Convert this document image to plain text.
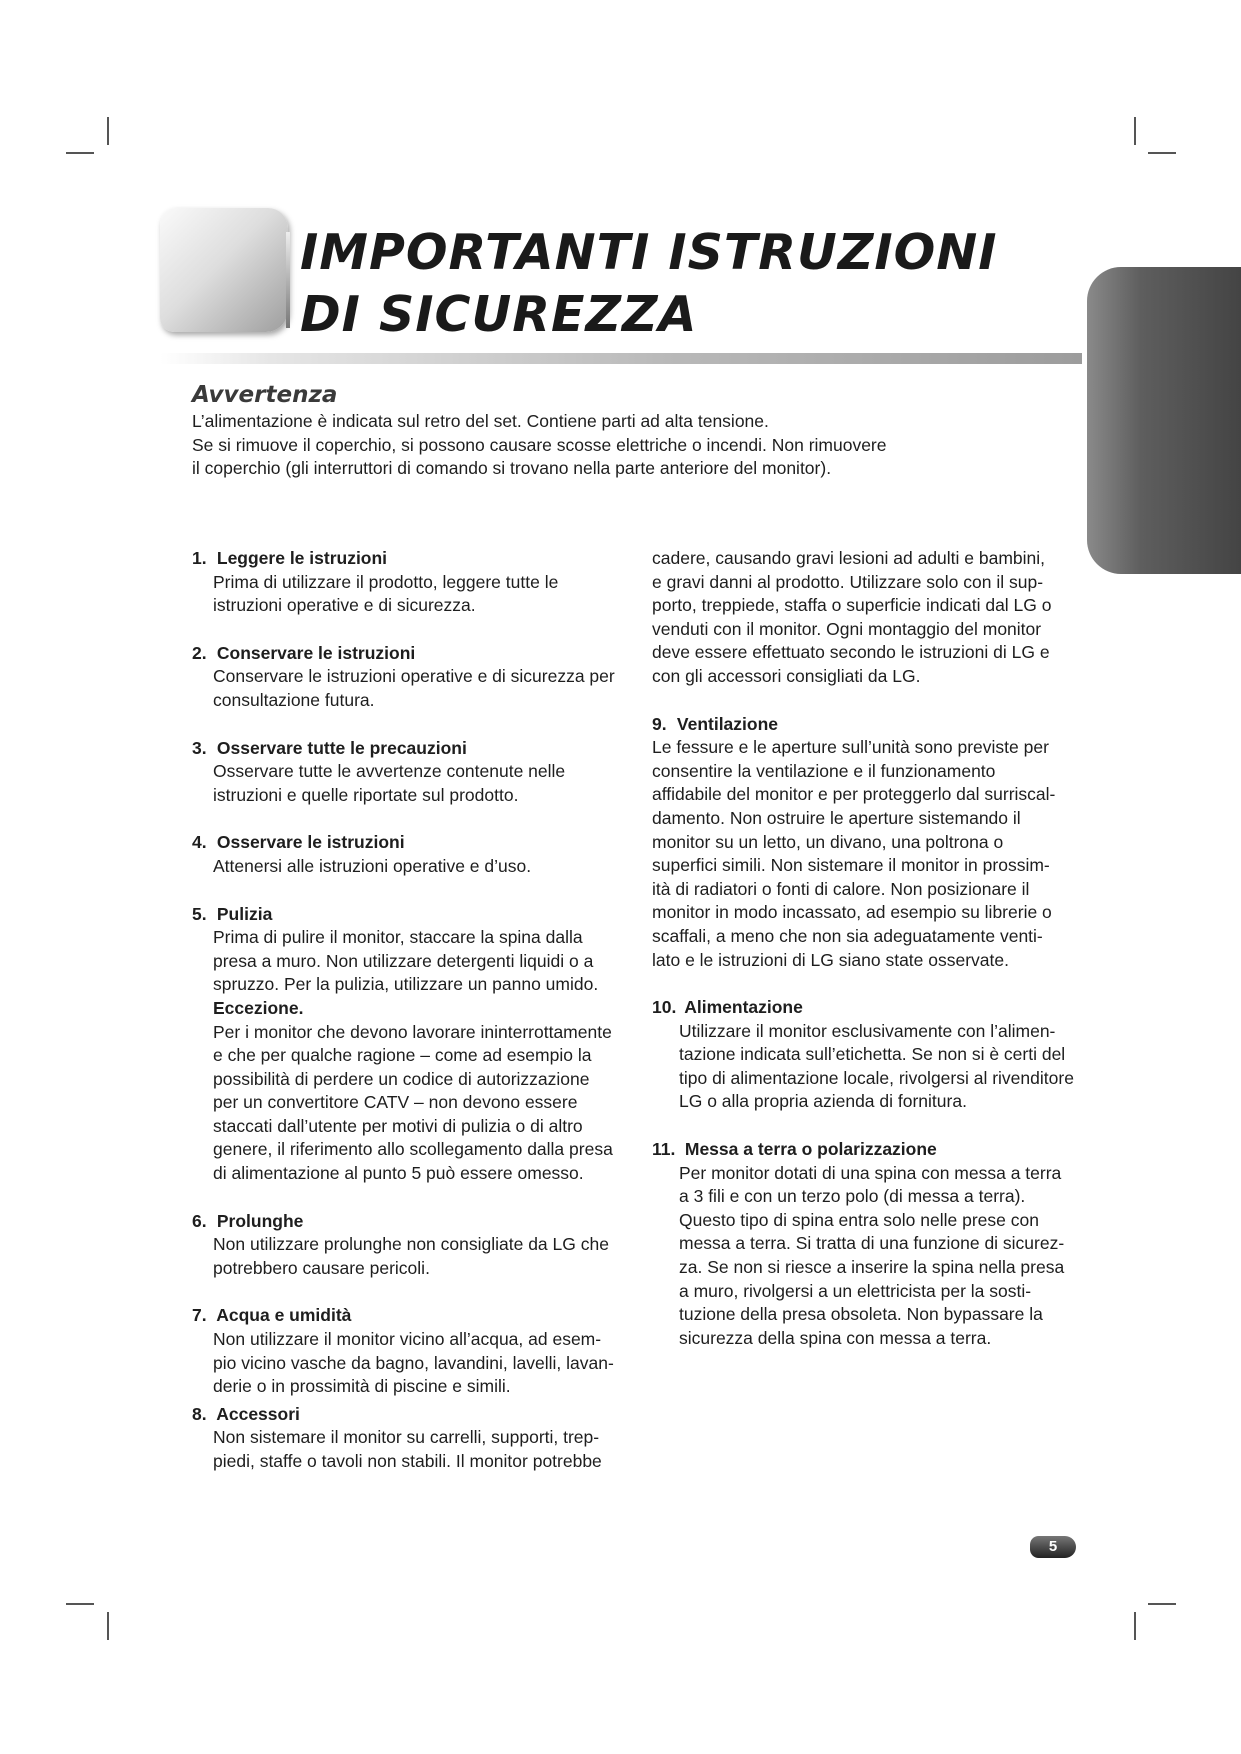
IMPORTANTI ISTRUZIONI
DI SICUREZZA
Avvertenza

L’alimentazione è indicata sul retro del set. Contiene parti ad alta tensione.
Se si rimuove il coperchio, si possono causare scosse elettriche o incendi. Non rimuovere
il coperchio (gli interruttori di comando si trovano nella parte anteriore del monitor).

1. Leggere le istruzioni
Prima di utilizzare il prodotto, leggere tutte le
istruzioni operative e di sicurezza.
2. Conservare le istruzioni
Conservare le istruzioni operative e di sicurezza per
consultazione futura.
3. Osservare tutte le precauzioni
Osservare tutte le avvertenze contenute nelle
istruzioni e quelle riportate sul prodotto.
4. Osservare le istruzioni
Attenersi alle istruzioni operative e d’uso.
5. Pulizia
Prima di pulire il monitor, staccare la spina dalla
presa a muro. Non utilizzare detergenti liquidi o a
spruzzo. Per la pulizia, utilizzare un panno umido.
Eccezione.
Per i monitor che devono lavorare ininterrottamente
e che per qualche ragione – come ad esempio la
possibilità di perdere un codice di autorizzazione
per un convertitore CATV – non devono essere
staccati dall’utente per motivi di pulizia o di altro
genere, il riferimento allo scollegamento dalla presa
di alimentazione al punto 5 può essere omesso.
6. Prolunghe
Non utilizzare prolunghe non consigliate da LG che
potrebbero causare pericoli.
7. Acqua e umidità
Non utilizzare il monitor vicino all’acqua, ad esem-
pio vicino vasche da bagno, lavandini, lavelli, lavan-
derie o in prossimità di piscine e simili.
8. Accessori
Non sistemare il monitor su carrelli, supporti, trep-
piedi, staffe o tavoli non stabili. Il monitor potrebbe
cadere, causando gravi lesioni ad adulti e bambini,
e gravi danni al prodotto. Utilizzare solo con il sup-
porto, treppiede, staffa o superficie indicati dal LG o
venduti con il monitor. Ogni montaggio del monitor
deve essere effettuato secondo le istruzioni di LG e
con gli accessori consigliati da LG.
9. Ventilazione
Le fessure e le aperture sull’unità sono previste per
consentire la ventilazione e il funzionamento
affidabile del monitor e per proteggerlo dal surriscal-
damento. Non ostruire le aperture sistemando il
monitor su un letto, un divano, una poltrona o
superfici simili. Non sistemare il monitor in prossim-
ità di radiatori o fonti di calore. Non posizionare il
monitor in modo incassato, ad esempio su librerie o
scaffali, a meno che non sia adeguatamente venti-
lato e le istruzioni di LG siano state osservate.
10. Alimentazione
Utilizzare il monitor esclusivamente con l’alimen-
tazione indicata sull’etichetta. Se non si è certi del
tipo di alimentazione locale, rivolgersi al rivenditore
LG o alla propria azienda di fornitura.
11. Messa a terra o polarizzazione
Per monitor dotati di una spina con messa a terra
a 3 fili e con un terzo polo (di messa a terra).
Questo tipo di spina entra solo nelle prese con
messa a terra. Si tratta di una funzione di sicurez-
za. Se non si riesce a inserire la spina nella presa
a muro, rivolgersi a un elettricista per la sosti-
tuzione della presa obsoleta. Non bypassare la
sicurezza della spina con messa a terra.
5
